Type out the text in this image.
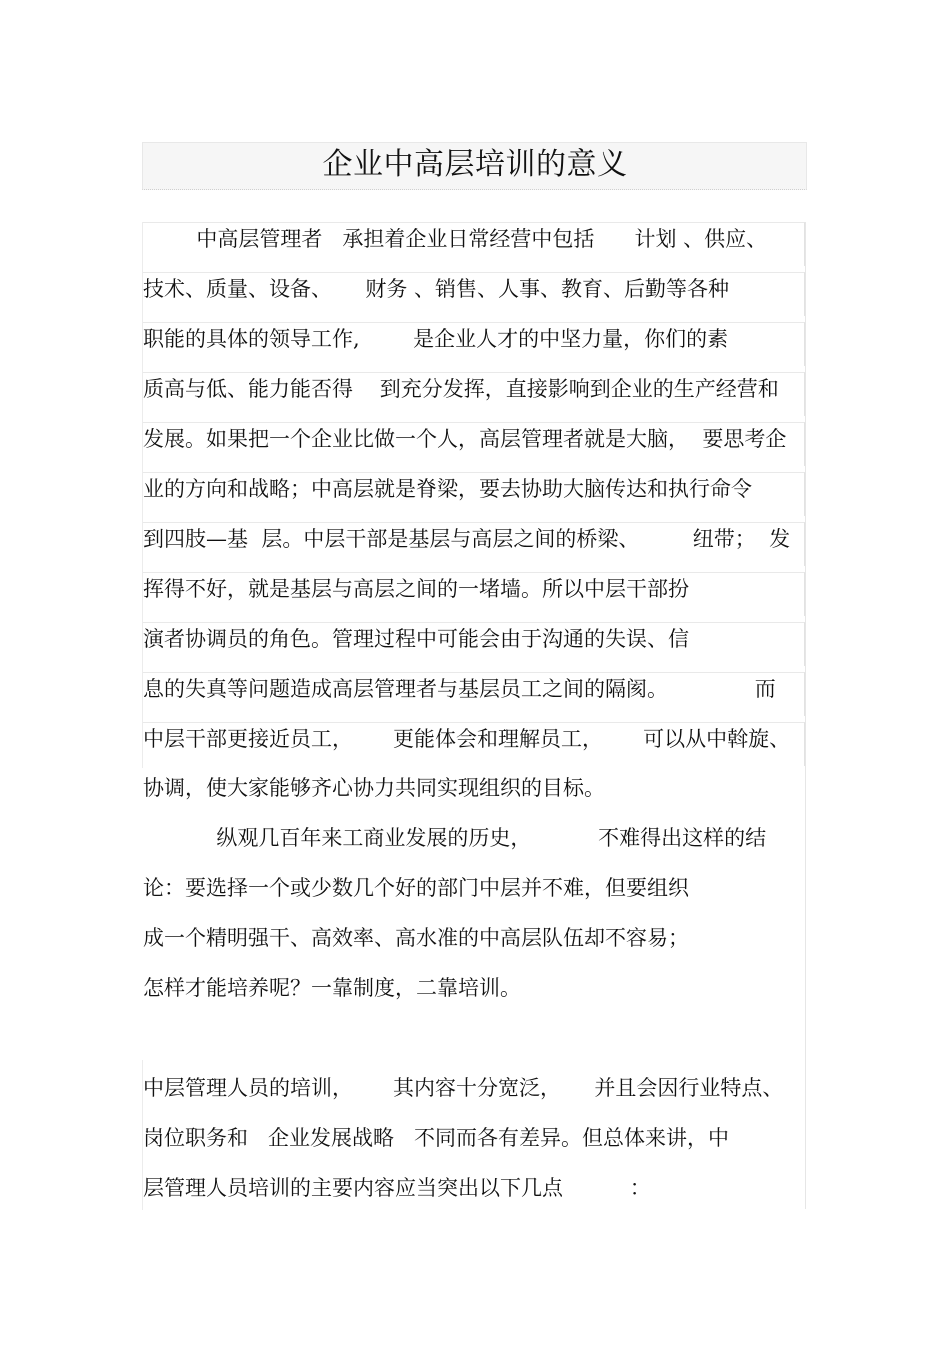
企业中高层培训的意义
中高层管理者   承担着企业日常经营中包括      计划 、供应、
技术、质量、设备、     财务 、销售、人事、教育、后勤等各种
职能的具体的领导工作,        是企业人才的中坚力量，你们的素
质高与低、能力能否得    到充分发挥，直接影响到企业的生产经营和
发展。如果把一个企业比做一个人，高层管理者就是大脑，  要思考企
业的方向和战略；中高层就是脊梁，要去协助大脑传达和执行命令
到四肢—基  层。中层干部是基层与高层之间的桥梁、        纽带；  发
挥得不好，就是基层与高层之间的一堵墙。所以中层干部扮
演者协调员的角色。管理过程中可能会由于沟通的失误、信
息的失真等问题造成高层管理者与基层员工之间的隔阂。             而
中层干部更接近员工，      更能体会和理解员工，      可以从中斡旋、
协调，使大家能够齐心协力共同实现组织的目标。
纵观几百年来工商业发展的历史，          不难得出这样的结
论：要选择一个或少数几个好的部门中层并不难，但要组织
成一个精明强干、高效率、高水准的中高层队伍却不容易；
怎样才能培养呢？一靠制度，二靠培训。
中层管理人员的培训，      其内容十分宽泛，     并且会因行业特点、
岗位职务和   企业发展战略   不同而各有差异。但总体来讲，中
层管理人员培训的主要内容应当突出以下几点          ：
